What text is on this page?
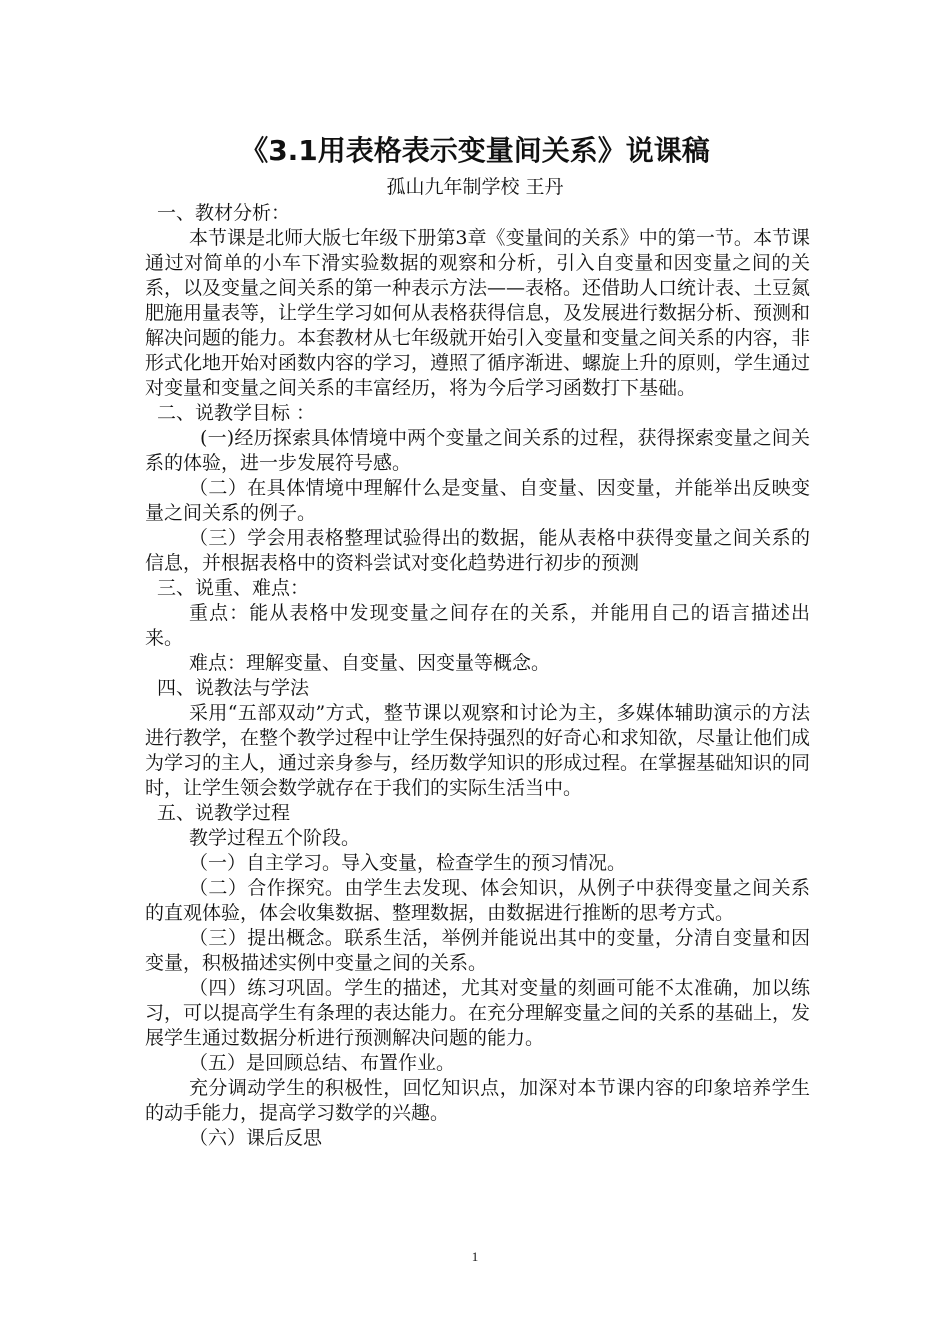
《3.1用表格表示变量间关系》说课稿
孤山九年制学校 王丹

一、教材分析：

本节课是北师大版七年级下册第3章《变量间的关系》中的第一节。本节课通过对简单的小车下滑实验数据的观察和分析，引入自变量和因变量之间的关系，以及变量之间关系的第一种表示方法——表格。还借助人口统计表、土豆氮肥施用量表等，让学生学习如何从表格获得信息，及发展进行数据分析、预测和解决问题的能力。本套教材从七年级就开始引入变量和变量之间关系的内容，非形式化地开始对函数内容的学习，遵照了循序渐进、螺旋上升的原则，学生通过对变量和变量之间关系的丰富经历，将为今后学习函数打下基础。

二、说教学目标 ：

(一)经历探索具体情境中两个变量之间关系的过程，获得探索变量之间关系的体验，进一步发展符号感。

（二）在具体情境中理解什么是变量、自变量、因变量，并能举出反映变量之间关系的例子。

（三）学会用表格整理试验得出的数据，能从表格中获得变量之间关系的信息，并根据表格中的资料尝试对变化趋势进行初步的预测

三、说重、难点：

重点：能从表格中发现变量之间存在的关系，并能用自己的语言描述出来。

难点：理解变量、自变量、因变量等概念。

四、说教法与学法

采用“五部双动”方式，整节课以观察和讨论为主，多媒体辅助演示的方法进行教学，在整个教学过程中让学生保持强烈的好奇心和求知欲，尽量让他们成为学习的主人，通过亲身参与，经历数学知识的形成过程。在掌握基础知识的同时，让学生领会数学就存在于我们的实际生活当中。

五、说教学过程

教学过程五个阶段。

（一）自主学习。导入变量，检查学生的预习情况。

（二）合作探究。由学生去发现、体会知识，从例子中获得变量之间关系的直观体验，体会收集数据、整理数据，由数据进行推断的思考方式。

（三）提出概念。联系生活，举例并能说出其中的变量，分清自变量和因变量，积极描述实例中变量之间的关系。

（四）练习巩固。学生的描述，尤其对变量的刻画可能不太准确，加以练习，可以提高学生有条理的表达能力。在充分理解变量之间的关系的基础上，发展学生通过数据分析进行预测解决问题的能力。

（五）是回顾总结、布置作业。

充分调动学生的积极性，回忆知识点，加深对本节课内容的印象培养学生的动手能力，提高学习数学的兴趣。

（六）课后反思

1
